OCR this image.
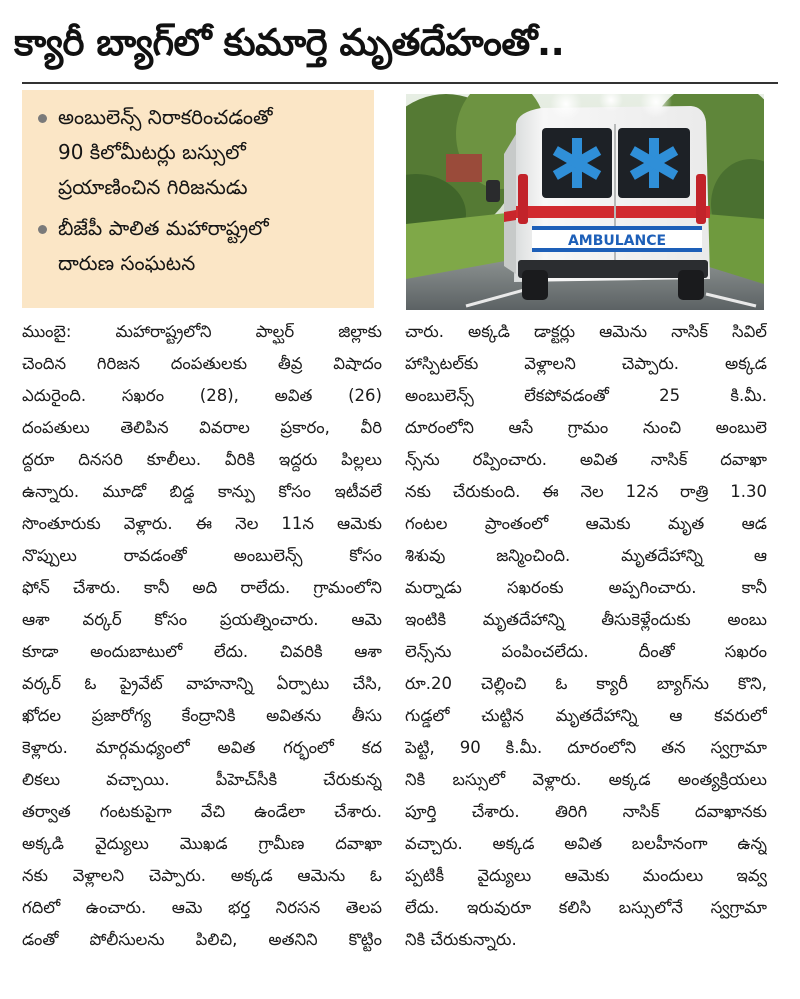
క్యారీ బ్యాగ్‌లో కుమార్తె మృతదేహంతో..
అంబులెన్స్ నిరాకరించడంతో
90 కిలోమీటర్లు బస్సులో
ప్రయాణించిన గిరిజనుడు
బీజేపీ పాలిత మహారాష్ట్రలో
దారుణ సంఘటన
AMBULANCE
ముంబై: మహారాష్ట్రలోని పాల్ఘర్ జిల్లాకు
చెందిన గిరిజన దంపతులకు తీవ్ర విషాదం
ఎదురైంది. సఖరం (28), అవిత (26)
దంపతులు తెలిపిన వివరాల ప్రకారం, వీరి
ద్దరూ దినసరి కూలీలు. వీరికి ఇద్దరు పిల్లలు
ఉన్నారు. మూడో బిడ్డ కాన్పు కోసం ఇటీవలే
సొంతూరుకు వెళ్లారు. ఈ నెల 11న ఆమెకు
నొప్పులు రావడంతో అంబులెన్స్ కోసం
ఫోన్ చేశారు. కానీ అది రాలేదు. గ్రామంలోని
ఆశా వర్కర్ కోసం ప్రయత్నించారు. ఆమె
కూడా అందుబాటులో లేదు. చివరికి ఆశా
వర్కర్ ఓ ప్రైవేట్ వాహనాన్ని ఏర్పాటు చేసి,
ఖోదల ప్రజారోగ్య కేంద్రానికి అవితను తీసు
కెళ్లారు. మార్గమధ్యంలో అవిత గర్భంలో కద
లికలు వచ్చాయి. పీహెచ్‌సీకి చేరుకున్న
తర్వాత గంటకుపైగా వేచి ఉండేలా చేశారు.
అక్కడి వైద్యులు మొఖడ గ్రామీణ దవాఖా
నకు వెళ్లాలని చెప్పారు. అక్కడ ఆమెను ఓ
గదిలో ఉంచారు. ఆమె భర్త నిరసన తెలప
డంతో పోలీసులను పిలిచి, అతనిని కొట్టిం
చారు. అక్కడి డాక్టర్లు ఆమెను నాసిక్ సివిల్
హాస్పిటల్‌కు వెళ్లాలని చెప్పారు. అక్కడ
అంబులెన్స్ లేకపోవడంతో 25 కి.మీ.
దూరంలోని ఆసే గ్రామం నుంచి అంబులె
న్స్‌ను రప్పించారు. అవిత నాసిక్ దవాఖా
నకు చేరుకుంది. ఈ నెల 12న రాత్రి 1.30
గంటల ప్రాంతంలో ఆమెకు మృత ఆడ
శిశువు జన్మించింది. మృతదేహాన్ని ఆ
మర్నాడు సఖరంకు అప్పగించారు. కానీ
ఇంటికి మృతదేహాన్ని తీసుకెళ్లేందుకు అంబు
లెన్స్‌ను పంపించలేదు. దీంతో సఖరం
రూ.20 చెల్లించి ఓ క్యారీ బ్యాగ్‌ను కొని,
గుడ్డలో చుట్టిన మృతదేహాన్ని ఆ కవరులో
పెట్టి, 90 కి.మీ. దూరంలోని తన స్వగ్రామా
నికి బస్సులో వెళ్లారు. అక్కడ అంత్యక్రియలు
పూర్తి చేశారు. తిరిగి నాసిక్ దవాఖానకు
వచ్చారు. అక్కడ అవిత బలహీనంగా ఉన్న
ప్పటికీ వైద్యులు ఆమెకు మందులు ఇవ్వ
లేదు. ఇరువురూ కలిసి బస్సులోనే స్వగ్రామా
నికి చేరుకున్నారు.
